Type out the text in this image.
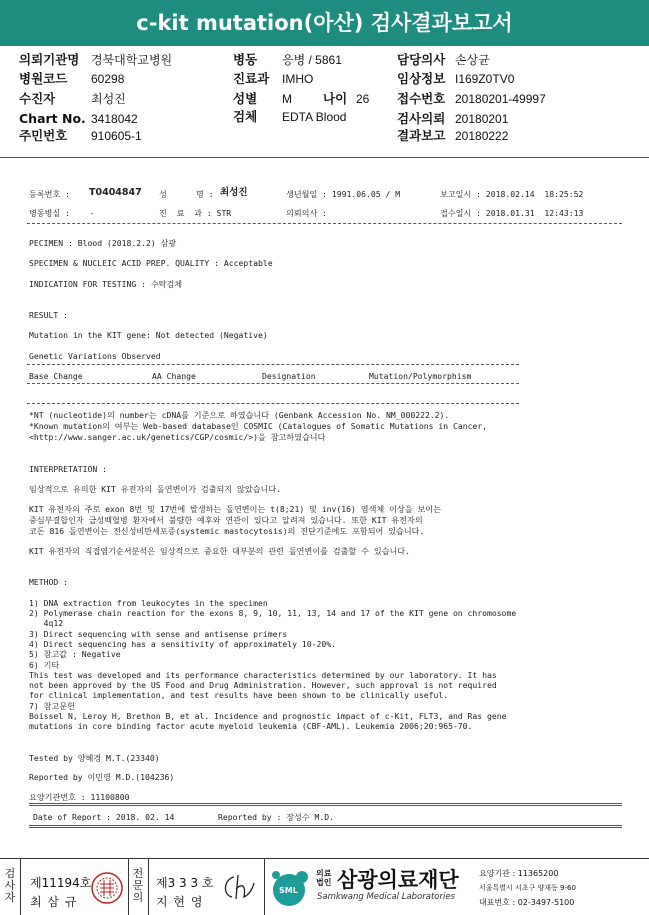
c-kit mutation(아산) 검사결과보고서
의뢰기관명 경북대학교병원
병원코드 60298
수진자	최성진
Chart No. 3418042
주민번호 910605-1
병동 응병 / 5861
진료과 IMHO
성별 M 나이 26
검체 EDTA Blood
담당의사 손상균
임상정보 I169Z0TV0
접수번호 20180201-49997
검사의뢰 20180201
결과보고 20180222
등록번호 : T0404847 성      명 : 최성진	생년월일 : 1991.06.05 / M	보고일시 : 2018.02.14  18:25:52
병동병실 :    -	진  료  과 : STR	의뢰의사 :	접수일시 : 2018.01.31  12:43:13
PECIMEN : Blood (2018.2.2) 삼광
SPECIMEN & NUCLEIC ACID PREP. QUALITY : Acceptable
INDICATION FOR TESTING : 수탁검체
RESULT :
Mutation in the KIT gene: Not detected (Negative)
Genetic Variations Observed
Base Change	AA Change	Designation	Mutation/Polymorphism
*NT (nucleotide)의 number는 cDNA를 기준으로 하였습니다 (Genbank Accession No. NM_000222.2).
*Known mutation의 여부는 Web-based database인 COSMIC (Catalogues of Somatic Mutations in Cancer,
<http://www.sanger.ac.uk/genetics/CGP/cosmic/>)을 참고하였습니다
INTERPRETATION :
임상적으로 유의한 KIT 유전자의 돌연변이가 검출되지 않았습니다.
KIT 유전자의 주로 exon 8번 및 17번에 발생하는 돌연변이는 t(8;21) 및 inv(16) 염색체 이상을 보이는
중심부결합인자 급성백혈병 환자에서 불량한 예후와 연관이 있다고 알려져 있습니다. 또한 KIT 유전자의
코돈 816 돌연변이는 전신성비만세포증(systemic mastocytosis)의 진단기준에도 포함되어 있습니다.
KIT 유전자의 직접염기순서분석은 임상적으로 중요한 대부분의 관련 돌연변이를 검출할 수 있습니다.
METHOD :
1) DNA extraction from leukocytes in the specimen
2) Polymerase chain reaction for the exons 8, 9, 10, 11, 13, 14 and 17 of the KIT gene on chromosome
4q12
3) Direct sequencing with sense and antisense primers
4) Direct sequencing has a sensitivity of approximately 10-20%.
5) 참고값 : Negative
6) 기타
This test was developed and its performance characteristics determined by our laboratory. It has
not been approved by the US Food and Drug Administration. However, such approval is not required
for clinical implementation, and test results have been shown to be clinically useful.
7) 참고문헌
Boissel N, Leroy H, Brethon B, et al. Incidence and prognostic impact of c-Kit, FLT3, and Ras gene
mutations in core binding factor acute myeloid leukemia (CBF-AML). Leukemia 2006;20:965-70.
Tested by 양혜경 M.T.(23340)
Reported by 이민영 M.D.(104236)
요양기관번호 : 11100800
Date of Report : 2018. 02. 14	Reported by : 장성수 M.D.
검
사
자
제11194호
최 삼 규
전
문
의
제3 3 3 호
지 현 영
SML
의료
법인 삼광의료재단
Samkwang Medical Laboratories
요양기관 : 11365200
서울특별시 서초구 양재동 9-60
대표번호 : 02-3497-5100
